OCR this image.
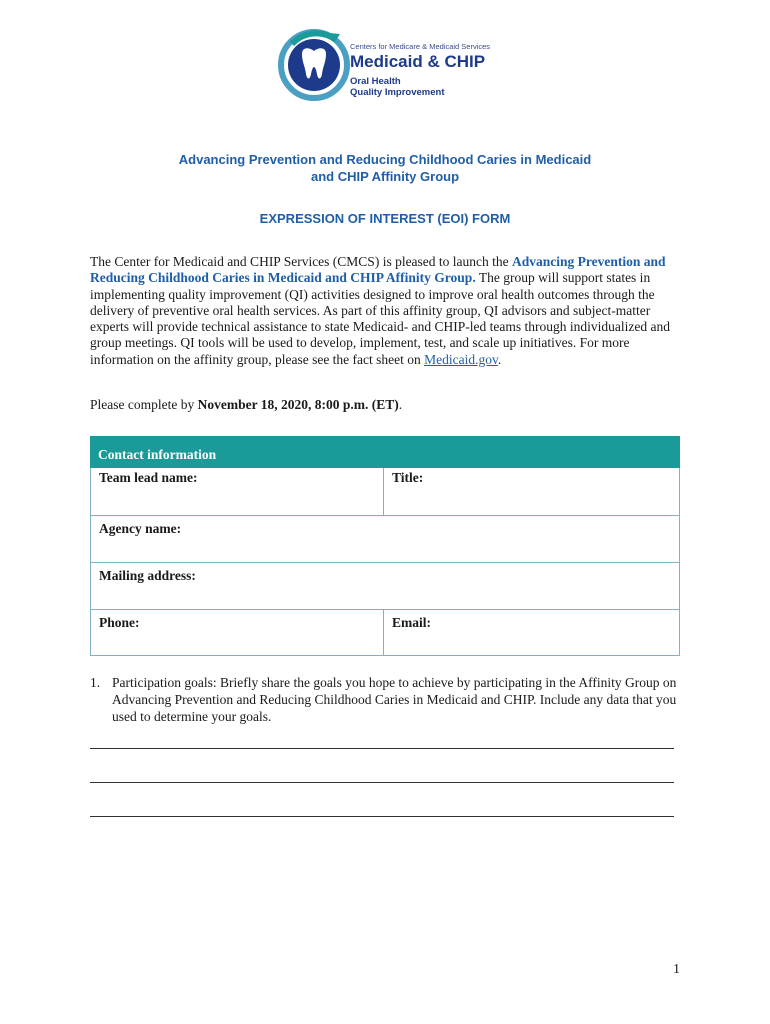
Centers for Medicare & Medicaid Services
Medicaid & CHIP
Oral Health
Quality Improvement
Advancing Prevention and Reducing Childhood Caries in Medicaid
and CHIP Affinity Group
EXPRESSION OF INTEREST (EOI) FORM
The Center for Medicaid and CHIP Services (CMCS) is pleased to launch the Advancing Prevention and Reducing Childhood Caries in Medicaid and CHIP Affinity Group. The group will support states in implementing quality improvement (QI) activities designed to improve oral health outcomes through the delivery of preventive oral health services. As part of this affinity group, QI advisors and subject-matter experts will provide technical assistance to state Medicaid- and CHIP-led teams through individualized and group meetings. QI tools will be used to develop, implement, test, and scale up initiatives. For more information on the affinity group, please see the fact sheet on Medicaid.gov.
Please complete by November 18, 2020, 8:00 p.m. (ET).
Contact information
Team lead name:	Title:
Agency name:
Mailing address:
Phone:	Email:
1. Participation goals: Briefly share the goals you hope to achieve by participating in the Affinity Group on Advancing Prevention and Reducing Childhood Caries in Medicaid and CHIP. Include any data that you used to determine your goals.
1
